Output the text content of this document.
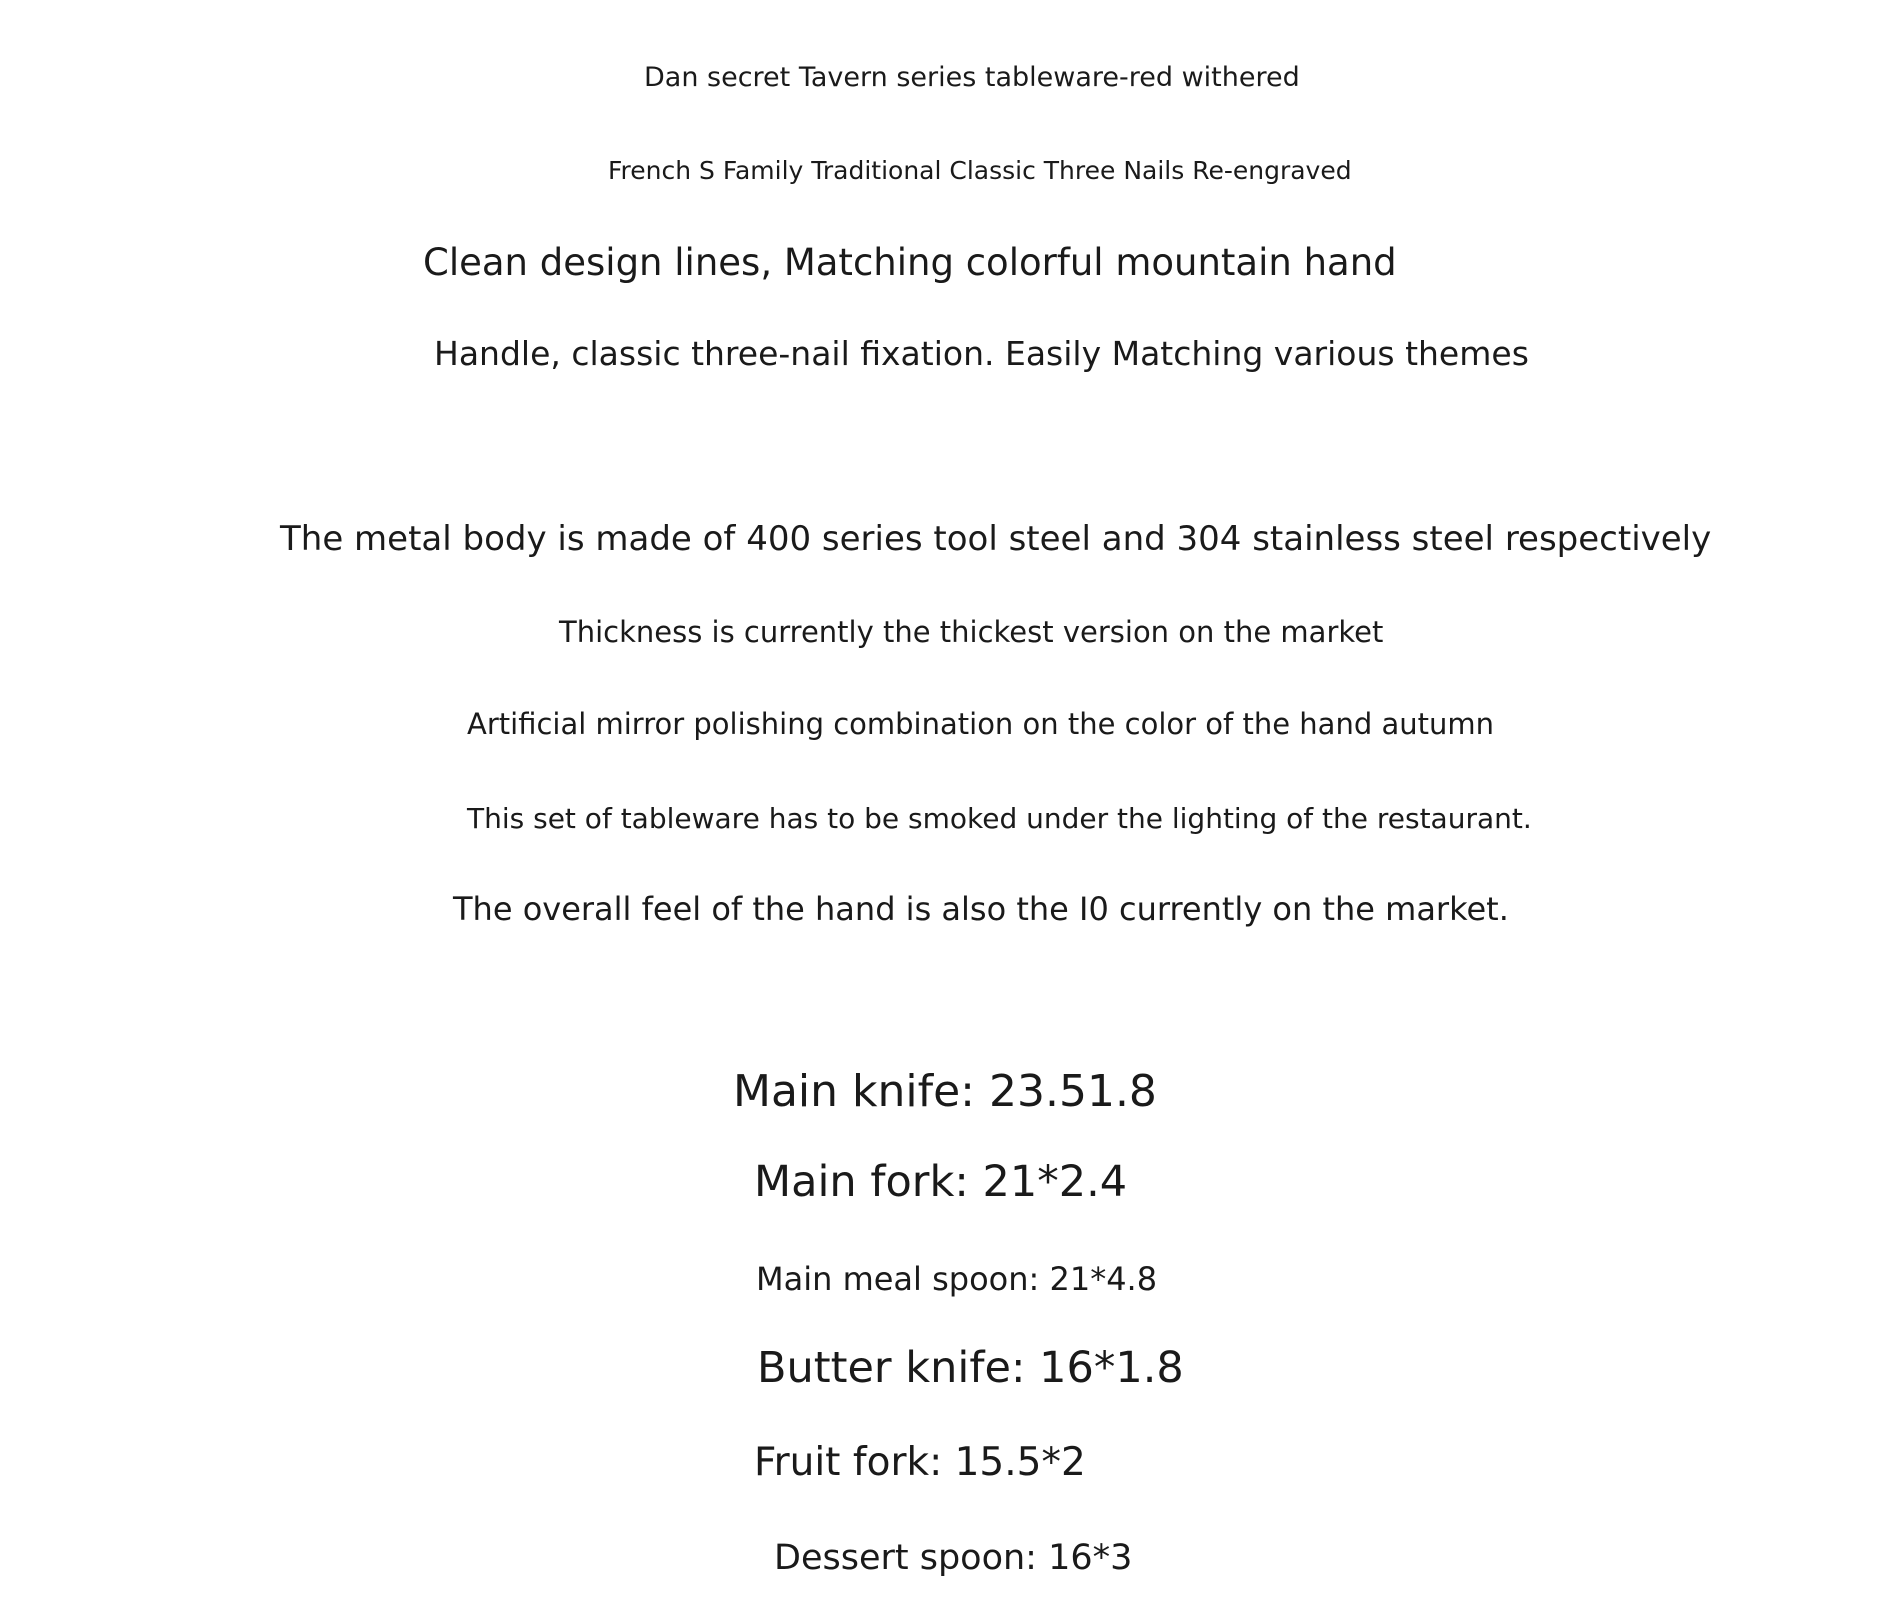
Dan secret Tavern series tableware-red withered

French S Family Traditional Classic Three Nails Re-engraved

Clean design lines, Matching colorful mountain hand

Handle, classic three-nail fixation. Easily Matching various themes

The metal body is made of 400 series tool steel and 304 stainless steel respectively

Thickness is currently the thickest version on the market

Artificial mirror polishing combination on the color of the hand autumn

This set of tableware has to be smoked under the lighting of the restaurant.

The overall feel of the hand is also the I0 currently on the market.

Main knife: 23.51.8

Main fork: 21*2.4

Main meal spoon: 21*4.8

Butter knife: 16*1.8

Fruit fork: 15.5*2

Dessert spoon: 16*3
